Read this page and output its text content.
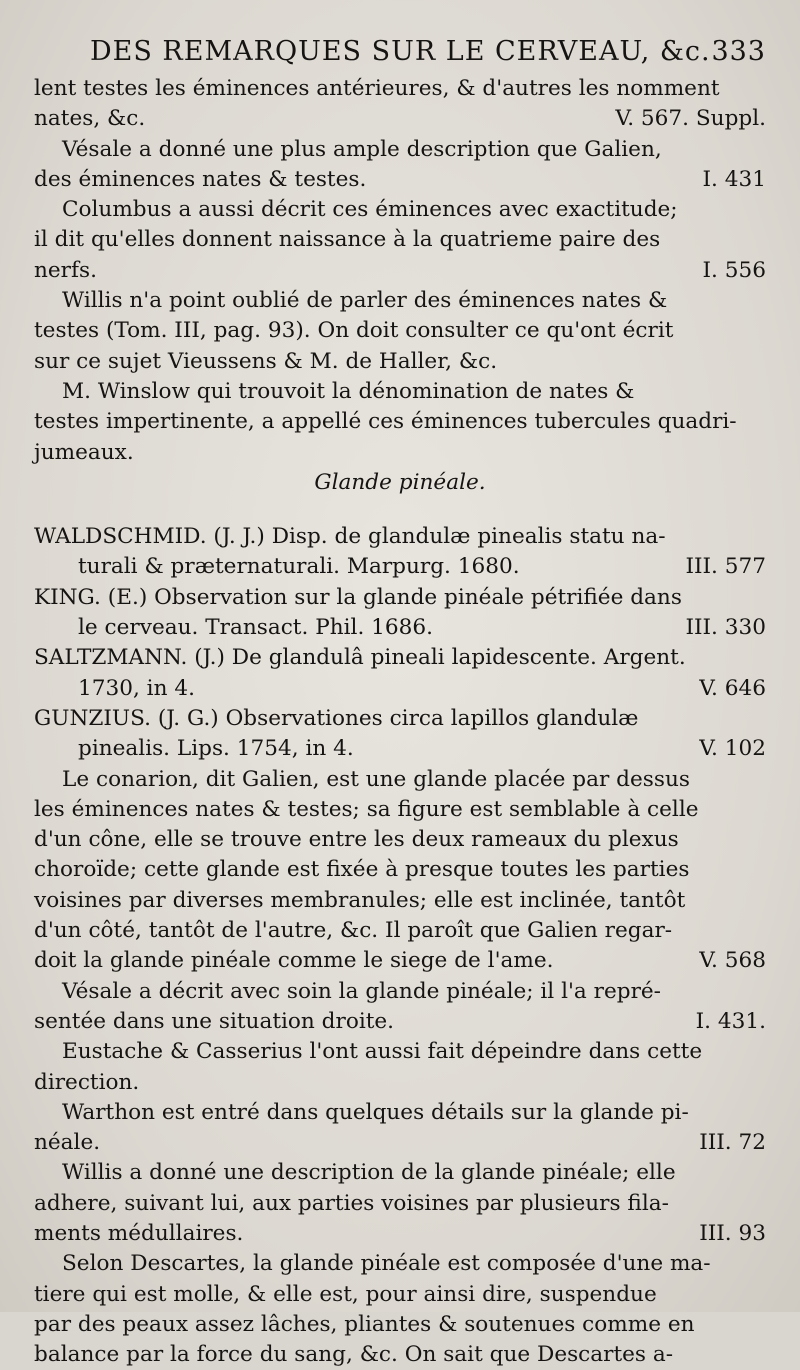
DES REMARQUES SUR LE CERVEAU, &c. 333
lent testes les éminences antérieures, & d'autres les nomment
nates, &c.	V. 567. Suppl.
Vésale a donné une plus ample description que Galien,
des éminences nates & testes.	I. 431
Columbus a aussi décrit ces éminences avec exactitude;
il dit qu'elles donnent naissance à la quatrieme paire des
nerfs.	I. 556
Willis n'a point oublié de parler des éminences nates &
testes (Tom. III, pag. 93). On doit consulter ce qu'ont écrit
sur ce sujet Vieussens & M. de Haller, &c.
M. Winslow qui trouvoit la dénomination de nates &
testes impertinente, a appellé ces éminences tubercules quadri-
jumeaux.
Glande pinéale.
WALDSCHMID. (J. J.) Disp. de glandulæ pinealis statu na-
turali & præternaturali. Marpurg. 1680.	III. 577
KING. (E.) Observation sur la glande pinéale pétrifiée dans
le cerveau. Transact. Phil. 1686.	III. 330
SALTZMANN. (J.) De glandulâ pineali lapidescente. Argent.
1730, in 4.	V. 646
GUNZIUS. (J. G.) Observationes circa lapillos glandulæ
pinealis. Lips. 1754, in 4.	V. 102
Le conarion, dit Galien, est une glande placée par dessus
les éminences nates & testes; sa figure est semblable à celle
d'un cône, elle se trouve entre les deux rameaux du plexus
choroïde; cette glande est fixée à presque toutes les parties
voisines par diverses membranules; elle est inclinée, tantôt
d'un côté, tantôt de l'autre, &c. Il paroît que Galien regar-
doit la glande pinéale comme le siege de l'ame.	V. 568
Vésale a décrit avec soin la glande pinéale; il l'a repré-
sentée dans une situation droite.	I. 431.
Eustache & Casserius l'ont aussi fait dépeindre dans cette
direction.
Warthon est entré dans quelques détails sur la glande pi-
néale.	III. 72
Willis a donné une description de la glande pinéale; elle
adhere, suivant lui, aux parties voisines par plusieurs fila-
ments médullaires.	III. 93
Selon Descartes, la glande pinéale est composée d'une ma-
tiere qui est molle, & elle est, pour ainsi dire, suspendue
par des peaux assez lâches, pliantes & soutenues comme en
balance par la force du sang, &c. On sait que Descartes a-
